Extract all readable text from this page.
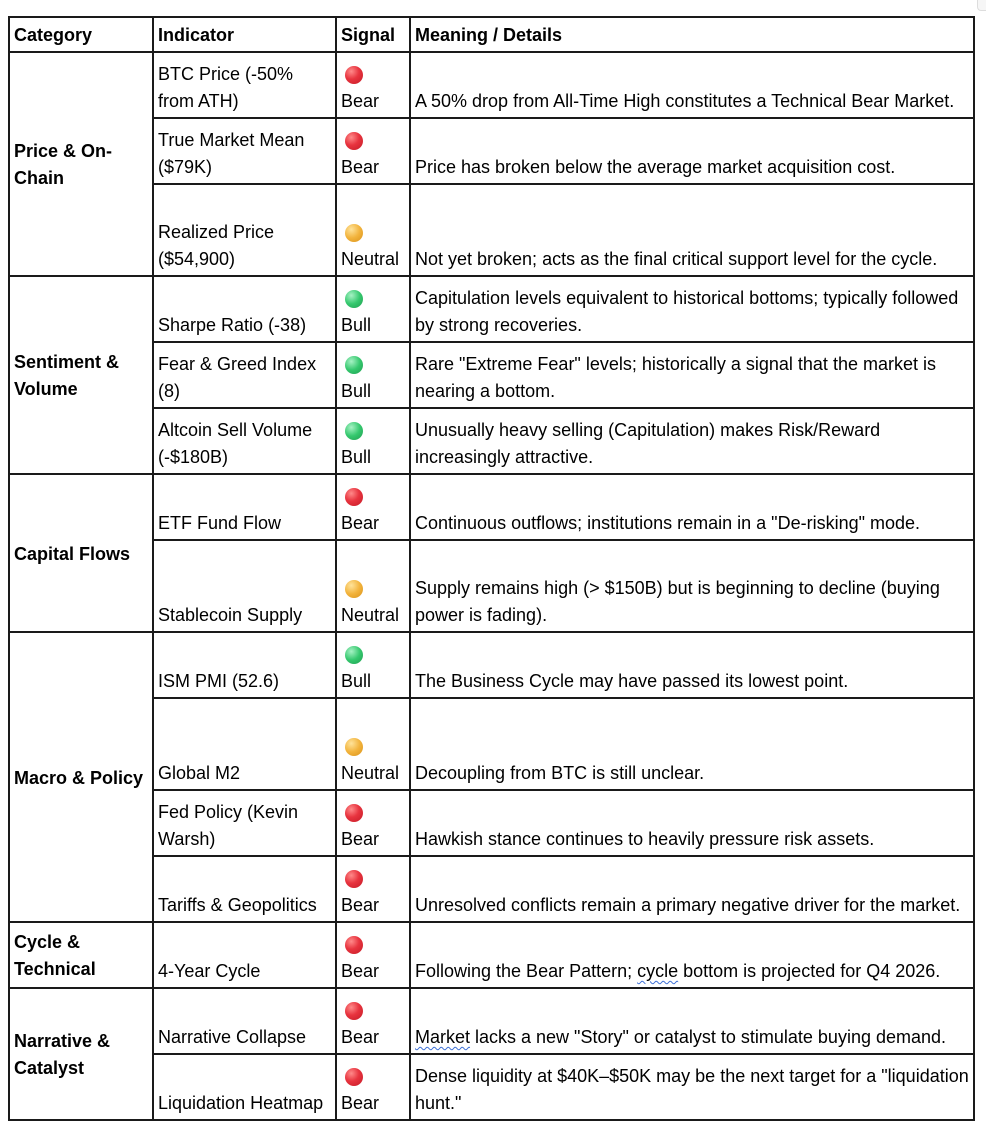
Category	Indicator	Signal	Meaning / Details
Price & On-Chain	BTC Price (-50% from ATH)	Bear	A 50% drop from All-Time High constitutes a Technical Bear Market.
	True Market Mean ($79K)	Bear	Price has broken below the average market acquisition cost.
	Realized Price ($54,900)	Neutral	Not yet broken; acts as the final critical support level for the cycle.
Sentiment & Volume	Sharpe Ratio (-38)	Bull	Capitulation levels equivalent to historical bottoms; typically followed by strong recoveries.
	Fear & Greed Index (8)	Bull	Rare "Extreme Fear" levels; historically a signal that the market is nearing a bottom.
	Altcoin Sell Volume (-$180B)	Bull	Unusually heavy selling (Capitulation) makes Risk/Reward increasingly attractive.
Capital Flows	ETF Fund Flow	Bear	Continuous outflows; institutions remain in a "De-risking" mode.
	Stablecoin Supply	Neutral	Supply remains high (> $150B) but is beginning to decline (buying power is fading).
Macro & Policy	ISM PMI (52.6)	Bull	The Business Cycle may have passed its lowest point.
	Global M2	Neutral	Decoupling from BTC is still unclear.
	Fed Policy (Kevin Warsh)	Bear	Hawkish stance continues to heavily pressure risk assets.
	Tariffs & Geopolitics	Bear	Unresolved conflicts remain a primary negative driver for the market.
Cycle & Technical	4-Year Cycle	Bear	Following the Bear Pattern; cycle bottom is projected for Q4 2026.
Narrative & Catalyst	Narrative Collapse	Bear	Market lacks a new "Story" or catalyst to stimulate buying demand.
	Liquidation Heatmap	Bear	Dense liquidity at $40K–$50K may be the next target for a "liquidation hunt."
